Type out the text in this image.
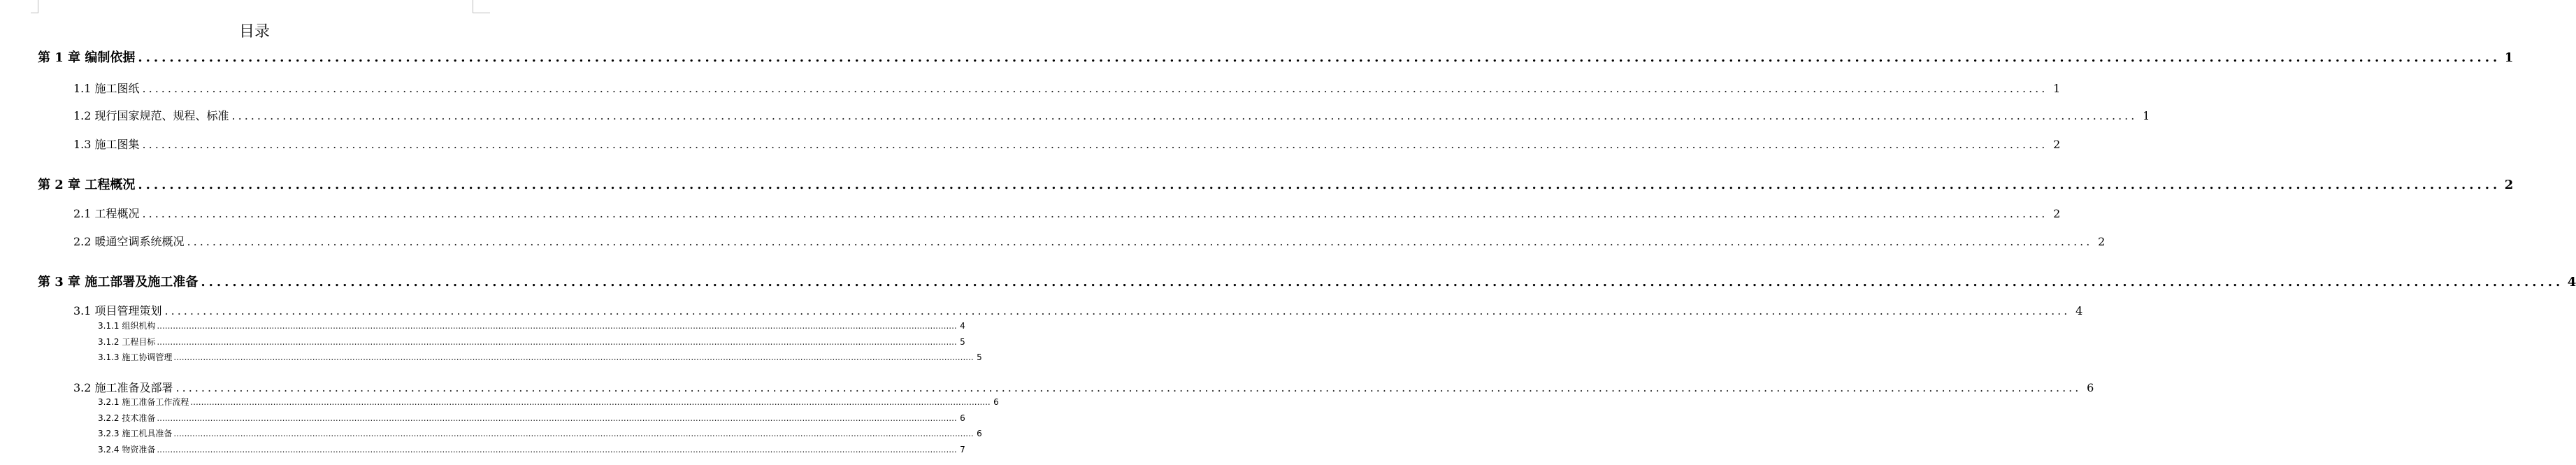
目录
第 1 章 编制依据 ............................................................................................................................................................................................................................................................................................................ 1
1.1 施工图纸 ............................................................................................................................................................................................................................................................................................................ 1
1.2 现行国家规范、规程、标准 ............................................................................................................................................................................................................................................................................................................ 1
1.3 施工图集 ............................................................................................................................................................................................................................................................................................................ 2
第 2 章 工程概况 ............................................................................................................................................................................................................................................................................................................ 2
2.1 工程概况 ............................................................................................................................................................................................................................................................................................................ 2
2.2 暖通空调系统概况 ............................................................................................................................................................................................................................................................................................................ 2
第 3 章 施工部署及施工准备 ............................................................................................................................................................................................................................................................................................................ 4
3.1 项目管理策划 ............................................................................................................................................................................................................................................................................................................ 4
3.1.1 组织机构 ............................................................................................................................................................................................................................................................................................................ 4
3.1.2 工程目标 ............................................................................................................................................................................................................................................................................................................ 5
3.1.3 施工协调管理 ............................................................................................................................................................................................................................................................................................................ 5
3.2 施工准备及部署 ............................................................................................................................................................................................................................................................................................................ 6
3.2.1 施工准备工作流程 ............................................................................................................................................................................................................................................................................................................ 6
3.2.2 技术准备 ............................................................................................................................................................................................................................................................................................................ 6
3.2.3 施工机具准备 ............................................................................................................................................................................................................................................................................................................ 6
3.2.4 物资准备 ............................................................................................................................................................................................................................................................................................................ 7
